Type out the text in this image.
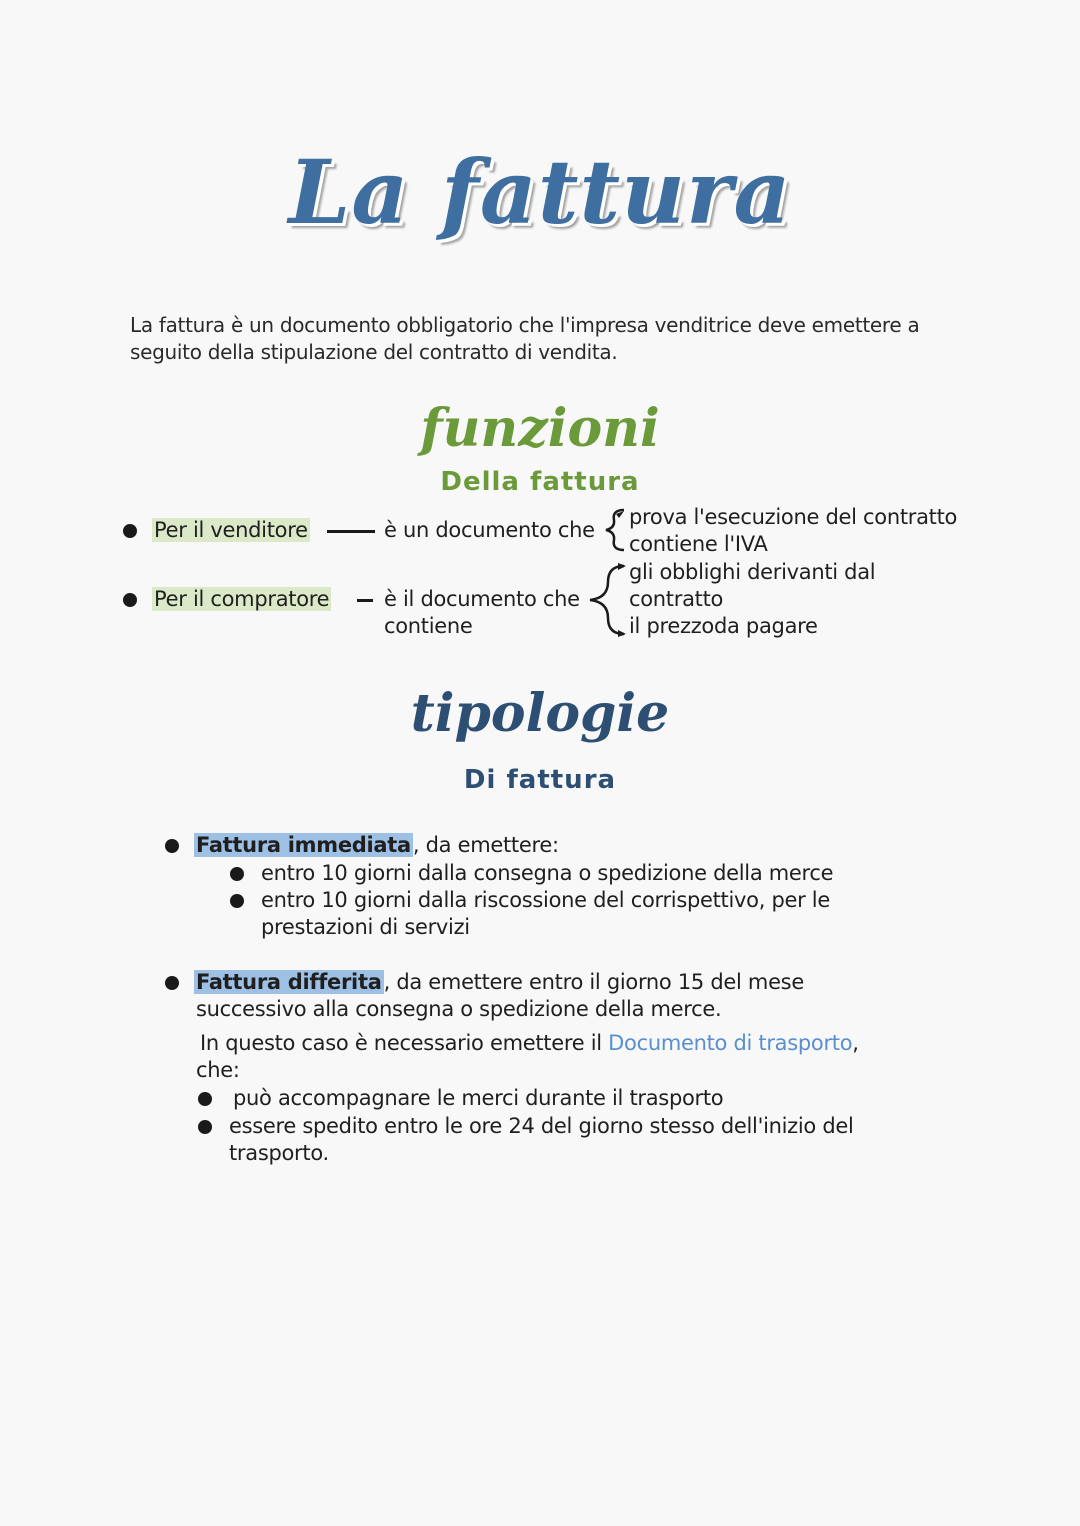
La fattura
La fattura è un documento obbligatorio che l'impresa venditrice deve emettere a seguito della stipulazione del contratto di vendita.
funzioni
Della fattura
Per il venditore	è un documento che
prova l'esecuzione del contratto
contiene l'IVA
Per il compratore	è il documento che
contiene
gli obblighi derivanti dal
contratto
il prezzoda pagare
tipologie
Di fattura
Fattura immediata, da emettere:
entro 10 giorni dalla consegna o spedizione della merce
entro 10 giorni dalla riscossione del corrispettivo, per le
prestazioni di servizi
Fattura differita, da emettere entro il giorno 15 del mese
successivo alla consegna o spedizione della merce.
In questo caso è necessario emettere il Documento di trasporto,
che:
può accompagnare le merci durante il trasporto
essere spedito entro le ore 24 del giorno stesso dell'inizio del
trasporto.
